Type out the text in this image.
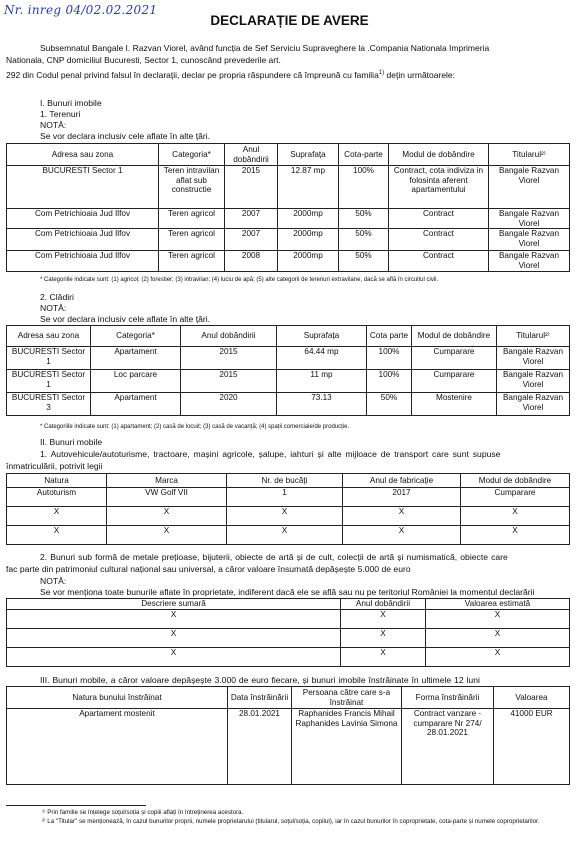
Nr. inreg 04/02.02.2021
DECLARAȚIE DE AVERE
Subsemnatul Bangale I. Razvan Viorel, având funcția de Sef Serviciu Supraveghere la .Compania Nationala Imprimeria
Nationala, CNP domiciliul Bucuresti, Sector 1, cunoscând prevederile art.
292 din Codul penal privind falsul în declarații, declar pe propria răspundere că împreună cu familia$^{1)}$ deţin următoarele:
I. Bunuri imobile
1. Terenuri
NOTĂ:
Se vor declara inclusiv cele aflate în alte țări.
Adresa sau zona	Categoria*	Anul dobândirii	Suprafața	Cota-parte	Modul de dobândire	Titularul²⁾
BUCURESTI Sector 1	Teren intravilan aflat sub constructie	2015	12.87 mp	100%	Contract, cota indiviza in folosinta aferent apartamentului	Bangale Razvan Viorel
Com Petrichioaia Jud Ilfov	Teren agricol	2007	2000mp	50%	Contract	Bangale Razvan Viorel
Com Petrichioaia Jud Ilfov	Teren agricol	2007	2000mp	50%	Contract	Bangale Razvan Viorel
Com Petrichioaia Jud Ilfov	Teren agricol	2008	2000mp	50%	Contract	Bangale Razvan Viorel
* Categoriile indicate sunt: (1) agricol; (2) forestier; (3) intravilan; (4) luciu de apă; (5) alte categorii de terenuri extravilane, dacă se află în circuitul civil.
2. Clădiri
NOTĂ:
Se vor declara inclusiv cele aflate în alte țări.
Adresa sau zona	Categoria*	Anul dobândirii	Suprafața	Cota parte	Modul de dobândire	Titularul²⁾
BUCURESTI Sector 1	Apartament	2015	64.44 mp	100%	Cumparare	Bangale Razvan Viorel
BUCURESTI Sector 1	Loc parcare	2015	11 mp	100%	Cumparare	Bangale Razvan Viorel
BUCURESTI Sector 3	Apartament	2020	73.13	50%	Mostenire	Bangale Razvan Viorel
* Categoriile indicate sunt: (1) apartament; (2) casă de locuit; (3) casă de vacanță; (4) spații comerciale/de producție.
II. Bunuri mobile
1. Autovehicule/autoturisme, tractoare, mașini agricole, șalupe, iahturi și alte mijloace de transport care sunt supuse
înmatriculării, potrivit legii
Natura	Marca	Nr. de bucăți	Anul de fabricație	Modul de dobândire
Autoturism	VW Golf VII	1	2017	Cumparare
X	X	X	X	X
X	X	X	X	X
2. Bunuri sub formă de metale prețioase, bijuterii, obiecte de artă și de cult, colecții de artă și numismatică, obiecte care
fac parte din patrimoniul cultural național sau universal, a căror valoare însumată depășește 5.000 de euro
NOTĂ:
Se vor menționa toate bunurile aflate în proprietate, indiferent dacă ele se află sau nu pe teritoriul României la momentul declarării
Descriere sumară	Anul dobândirii	Valoarea estimată
X	X	X
X	X	X
X	X	X
III. Bunuri mobile, a căror valoare depășește 3.000 de euro fiecare, și bunuri imobile înstrăinate în ultimele 12 luni
Natura bunului înstrăinat	Data înstrăinării	Persoana către care s-a înstrăinat	Forma înstrăinării	Valoarea
Apartament mostenit	28.01.2021	Raphanides Francis Mihail Raphanides Lavinia Simona	Contract vanzare -cumparare Nr 274/ 28.01.2021	41000 EUR
¹⁾ Prin familie se înțelege soțul/soția și copiii aflați în întreținerea acestora.
²⁾ La "Titular" se menționează, în cazul bunurilor proprii, numele proprietarului (titularul, soțul/soția, copilul), iar în cazul bunurilor în coproprietate, cota-parte și numele coproprietarilor.
